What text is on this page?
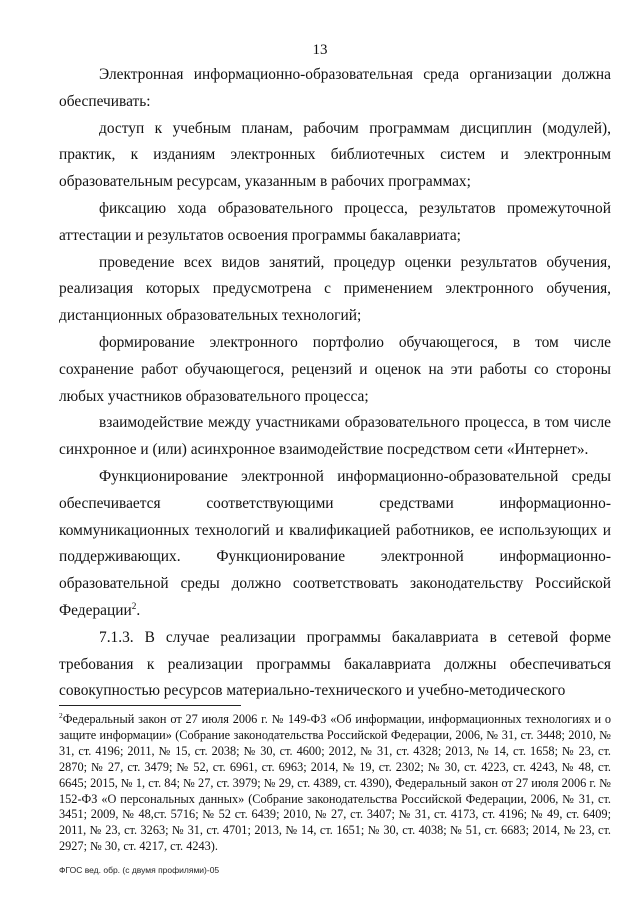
13

Электронная информационно-образовательная среда организации должна обеспечивать:

доступ к учебным планам, рабочим программам дисциплин (модулей), практик, к изданиям электронных библиотечных систем и электронным образовательным ресурсам, указанным в рабочих программах;

фиксацию хода образовательного процесса, результатов промежуточной аттестации и результатов освоения программы бакалавриата;

проведение всех видов занятий, процедур оценки результатов обучения, реализация которых предусмотрена с применением электронного обучения, дистанционных образовательных технологий;

формирование электронного портфолио обучающегося, в том числе сохранение работ обучающегося, рецензий и оценок на эти работы со стороны любых участников образовательного процесса;

взаимодействие между участниками образовательного процесса, в том числе синхронное и (или) асинхронное взаимодействие посредством сети «Интернет».

Функционирование электронной информационно-образовательной среды обеспечивается соответствующими средствами информационно-коммуникационных технологий и квалификацией работников, ее использующих и поддерживающих. Функционирование электронной информационно-образовательной среды должно соответствовать законодательству Российской Федерации$^2$.

7.1.3. В случае реализации программы бакалавриата в сетевой форме требования к реализации программы бакалавриата должны обеспечиваться совокупностью ресурсов материально-технического и учебно-методического

$^2$Федеральный закон от 27 июля 2006 г. № 149-ФЗ «Об информации, информационных технологиях и о защите информации» (Собрание законодательства Российской Федерации, 2006, № 31, ст. 3448; 2010, № 31, ст. 4196; 2011, № 15, ст. 2038; № 30, ст. 4600; 2012, № 31, ст. 4328; 2013, № 14, ст. 1658; № 23, ст. 2870; № 27, ст. 3479; № 52, ст. 6961, ст. 6963; 2014, № 19, ст. 2302; № 30, ст. 4223, ст. 4243, № 48, ст. 6645; 2015, № 1, ст. 84; № 27, ст. 3979; № 29, ст. 4389, ст. 4390), Федеральный закон от 27 июля 2006 г. № 152-ФЗ «О персональных данных» (Собрание законодательства Российской Федерации, 2006, № 31, ст. 3451; 2009, № 48,ст. 5716; № 52 ст. 6439; 2010, № 27, ст. 3407; № 31, ст. 4173, ст. 4196; № 49, ст. 6409; 2011, № 23, ст. 3263; № 31, ст. 4701; 2013, № 14, ст. 1651; № 30, ст. 4038; № 51, ст. 6683; 2014, № 23, ст. 2927; № 30, ст. 4217, ст. 4243).

ФГОС вед. обр. (с двумя профилями)-05
